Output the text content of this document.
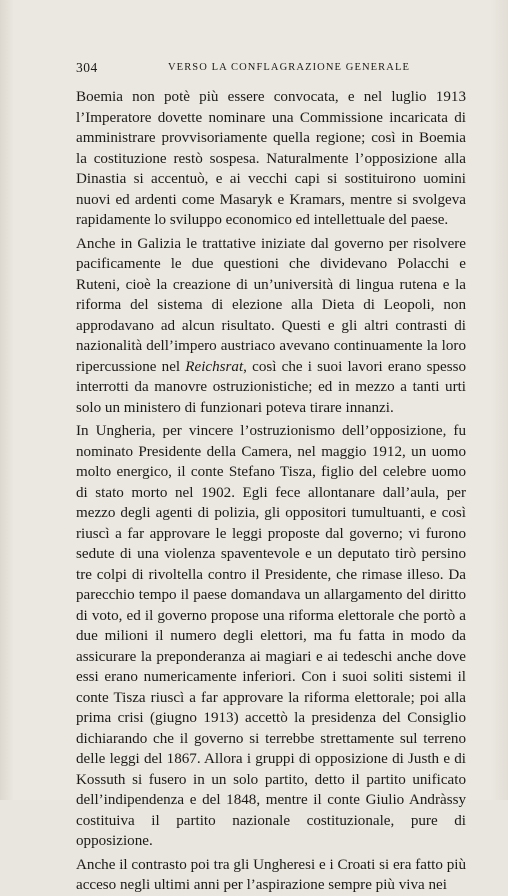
304	VERSO LA CONFLAGRAZIONE GENERALE

Boemia non potè più essere convocata, e nel luglio 1913 l’Imperatore dovette nominare una Commissione incaricata di amministrare provvisoriamente quella regione; così in Boemia la costituzione restò sospesa. Naturalmente l’opposizione alla Dinastia si accentuò, e ai vecchi capi si sostituirono uomini nuovi ed ardenti come Masaryk e Kramars, mentre si svolgeva rapidamente lo sviluppo economico ed intellettuale del paese.

Anche in Galizia le trattative iniziate dal governo per risolvere pacificamente le due questioni che dividevano Polacchi e Ruteni, cioè la creazione di un’università di lingua rutena e la riforma del sistema di elezione alla Dieta di Leopoli, non approdavano ad alcun risultato. Questi e gli altri contrasti di nazionalità dell’impero austriaco avevano continuamente la loro ripercussione nel Reichsrat, così che i suoi lavori erano spesso interrotti da manovre ostruzionistiche; ed in mezzo a tanti urti solo un ministero di funzionari poteva tirare innanzi.

In Ungheria, per vincere l’ostruzionismo dell’opposizione, fu nominato Presidente della Camera, nel maggio 1912, un uomo molto energico, il conte Stefano Tisza, figlio del celebre uomo di stato morto nel 1902. Egli fece allontanare dall’aula, per mezzo degli agenti di polizia, gli oppositori tumultuanti, e così riuscì a far approvare le leggi proposte dal governo; vi furono sedute di una violenza spaventevole e un deputato tirò persino tre colpi di rivoltella contro il Presidente, che rimase illeso. Da parecchio tempo il paese domandava un allargamento del diritto di voto, ed il governo propose una riforma elettorale che portò a due milioni il numero degli elettori, ma fu fatta in modo da assicurare la preponderanza ai magiari e ai tedeschi anche dove essi erano numericamente inferiori. Con i suoi soliti sistemi il conte Tisza riuscì a far approvare la riforma elettorale; poi alla prima crisi (giugno 1913) accettò la presidenza del Consiglio dichiarando che il governo si terrebbe strettamente sul terreno delle leggi del 1867. Allora i gruppi di opposizione di Justh e di Kossuth si fusero in un solo partito, detto il partito unificato dell’indipendenza e del 1848, mentre il conte Giulio Andràssy costituiva il partito nazionale costituzionale, pure di opposizione.

Anche il contrasto poi tra gli Ungheresi e i Croati si era fatto più acceso negli ultimi anni per l’aspirazione sempre più viva nei
